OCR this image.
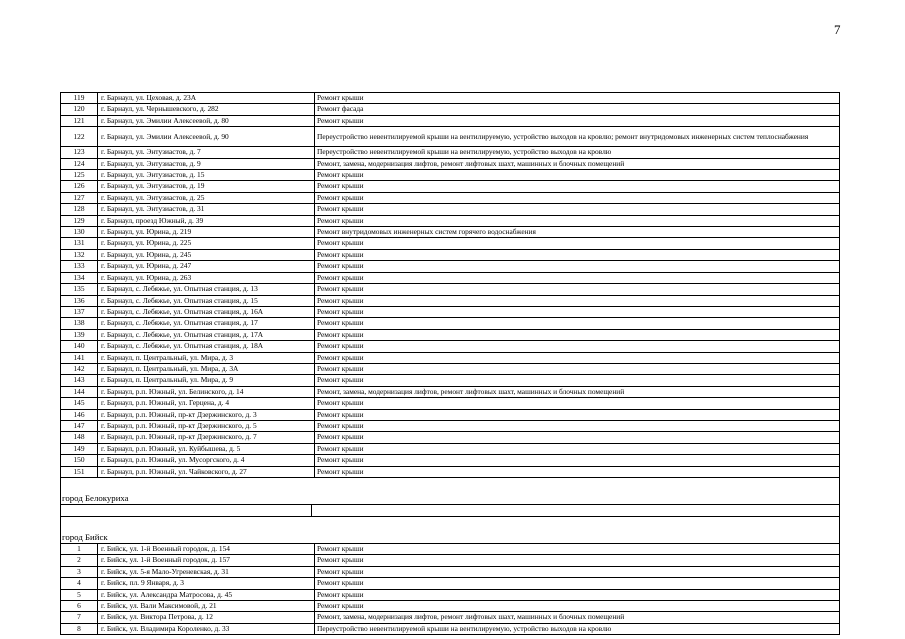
7
119	г. Барнаул, ул. Цеховая, д. 23А	Ремонт крыши
120	г. Барнаул, ул. Чернышевского, д. 282	Ремонт фасада
121	г. Барнаул, ул. Эмилии Алексеевой, д. 80	Ремонт крыши
122	г. Барнаул, ул. Эмилии Алексеевой, д. 90	Переустройство невентилируемой крыши на вентилируемую, устройство выходов на кровлю; ремонт внутридомовых инженерных систем теплоснабжения
123	г. Барнаул, ул. Энтузиастов, д. 7	Переустройство невентилируемой крыши на вентилируемую, устройство выходов на кровлю
124	г. Барнаул, ул. Энтузиастов, д. 9	Ремонт, замена, модернизация лифтов, ремонт лифтовых шахт, машинных и блочных помещений
125	г. Барнаул, ул. Энтузиастов, д. 15	Ремонт крыши
126	г. Барнаул, ул. Энтузиастов, д. 19	Ремонт крыши
127	г. Барнаул, ул. Энтузиастов, д. 25	Ремонт крыши
128	г. Барнаул, ул. Энтузиастов, д. 31	Ремонт крыши
129	г. Барнаул, проезд Южный, д. 39	Ремонт крыши
130	г. Барнаул, ул. Юрина, д. 219	Ремонт внутридомовых инженерных систем горячего водоснабжения
131	г. Барнаул, ул. Юрина, д. 225	Ремонт крыши
132	г. Барнаул, ул. Юрина, д. 245	Ремонт крыши
133	г. Барнаул, ул. Юрина, д. 247	Ремонт крыши
134	г. Барнаул, ул. Юрина, д. 263	Ремонт крыши
135	г. Барнаул, с. Лебяжье, ул. Опытная станция, д. 13	Ремонт крыши
136	г. Барнаул, с. Лебяжье, ул. Опытная станция, д. 15	Ремонт крыши
137	г. Барнаул, с. Лебяжье, ул. Опытная станция, д. 16А	Ремонт крыши
138	г. Барнаул, с. Лебяжье, ул. Опытная станция, д. 17	Ремонт крыши
139	г. Барнаул, с. Лебяжье, ул. Опытная станция, д. 17А	Ремонт крыши
140	г. Барнаул, с. Лебяжье, ул. Опытная станция, д. 18А	Ремонт крыши
141	г. Барнаул, п. Центральный, ул. Мира, д. 3	Ремонт крыши
142	г. Барнаул, п. Центральный, ул. Мира, д. 3А	Ремонт крыши
143	г. Барнаул, п. Центральный, ул. Мира, д. 9	Ремонт крыши
144	г. Барнаул, р.п. Южный, ул. Белинского, д. 14	Ремонт, замена, модернизация лифтов, ремонт лифтовых шахт, машинных и блочных помещений
145	г. Барнаул, р.п. Южный, ул. Герцена, д. 4	Ремонт крыши
146	г. Барнаул, р.п. Южный, пр-кт Дзержинского, д. 3	Ремонт крыши
147	г. Барнаул, р.п. Южный, пр-кт Дзержинского, д. 5	Ремонт крыши
148	г. Барнаул, р.п. Южный, пр-кт Дзержинского, д. 7	Ремонт крыши
149	г. Барнаул, р.п. Южный, ул. Куйбышева, д. 5	Ремонт крыши
150	г. Барнаул, р.п. Южный, ул. Мусоргского, д. 4	Ремонт крыши
151	г. Барнаул, р.п. Южный, ул. Чайковского, д. 27	Ремонт крыши
город Белокуриха
город Бийск
1	г. Бийск, ул. 1-й Военный городок, д. 154	Ремонт крыши
2	г. Бийск, ул. 1-й Военный городок, д. 157	Ремонт крыши
3	г. Бийск, ул. 5-я Мало-Угреневская, д. 31	Ремонт крыши
4	г. Бийск, пл. 9 Января, д. 3	Ремонт крыши
5	г. Бийск, ул. Александра Матросова, д. 45	Ремонт крыши
6	г. Бийск, ул. Вали Максимовой, д. 21	Ремонт крыши
7	г. Бийск, ул. Виктора Петрова, д. 12	Ремонт, замена, модернизация лифтов, ремонт лифтовых шахт, машинных и блочных помещений
8	г. Бийск, ул. Владимира Короленко, д. 33	Переустройство невентилируемой крыши на вентилируемую, устройство выходов на кровлю
